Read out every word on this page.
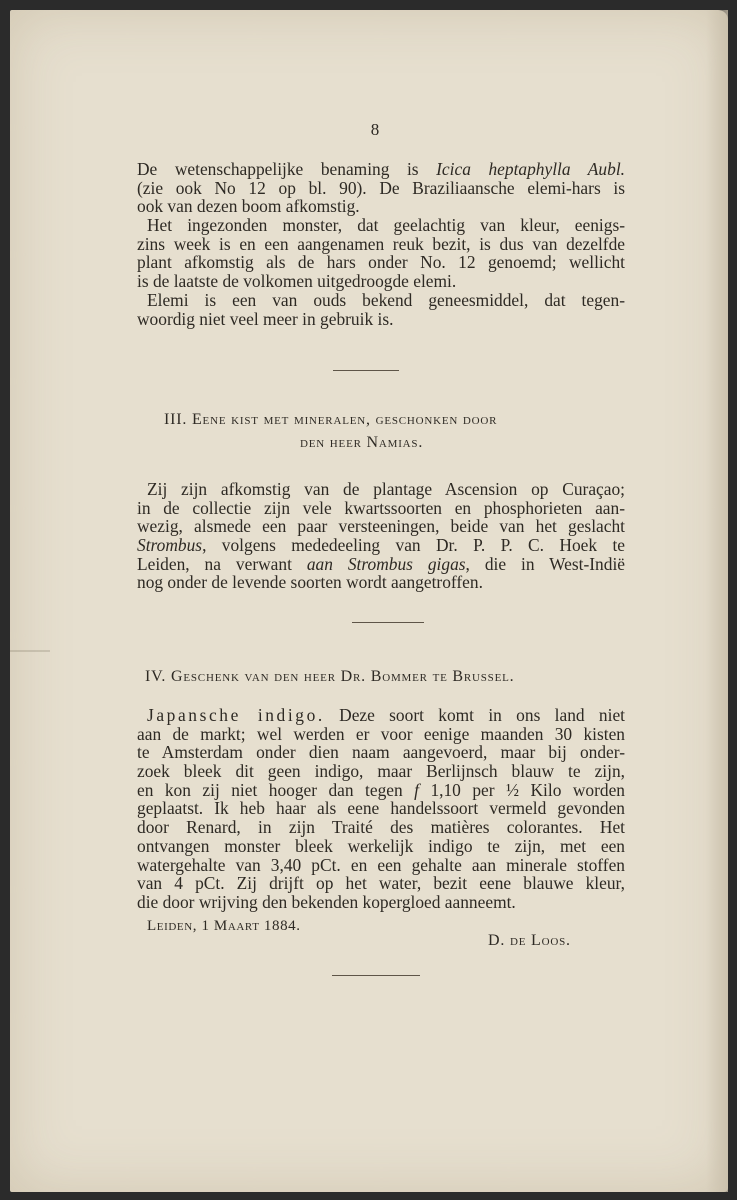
8
De wetenschappelijke benaming is Icica heptaphylla Aubl.
(zie ook No 12 op bl. 90). De Braziliaansche elemi-hars is
ook van dezen boom afkomstig.
Het ingezonden monster, dat geelachtig van kleur, eenigs-
zins week is en een aangenamen reuk bezit, is dus van dezelfde
plant afkomstig als de hars onder No. 12 genoemd; wellicht
is de laatste de volkomen uitgedroogde elemi.
Elemi is een van ouds bekend geneesmiddel, dat tegen-
woordig niet veel meer in gebruik is.
III. Eene kist met mineralen, geschonken door
den heer Namias.
Zij zijn afkomstig van de plantage Ascension op Curaçao;
in de collectie zijn vele kwartssoorten en phosphorieten aan-
wezig, alsmede een paar versteeningen, beide van het geslacht
Strombus, volgens mededeeling van Dr. P. P. C. Hoek te
Leiden, na verwant aan Strombus gigas, die in West-Indië
nog onder de levende soorten wordt aangetroffen.
IV. Geschenk van den heer Dr. Bommer te Brussel.
Japansche indigo. Deze soort komt in ons land niet
aan de markt; wel werden er voor eenige maanden 30 kisten
te Amsterdam onder dien naam aangevoerd, maar bij onder-
zoek bleek dit geen indigo, maar Berlijnsch blauw te zijn,
en kon zij niet hooger dan tegen f 1,10 per ½ Kilo worden
geplaatst. Ik heb haar als eene handelssoort vermeld gevonden
door Renard, in zijn Traité des matières colorantes. Het
ontvangen monster bleek werkelijk indigo te zijn, met een
watergehalte van 3,40 pCt. en een gehalte aan minerale stoffen
van 4 pCt. Zij drijft op het water, bezit eene blauwe kleur,
die door wrijving den bekenden kopergloed aanneemt.
Leiden, 1 Maart 1884.
D. de Loos.
